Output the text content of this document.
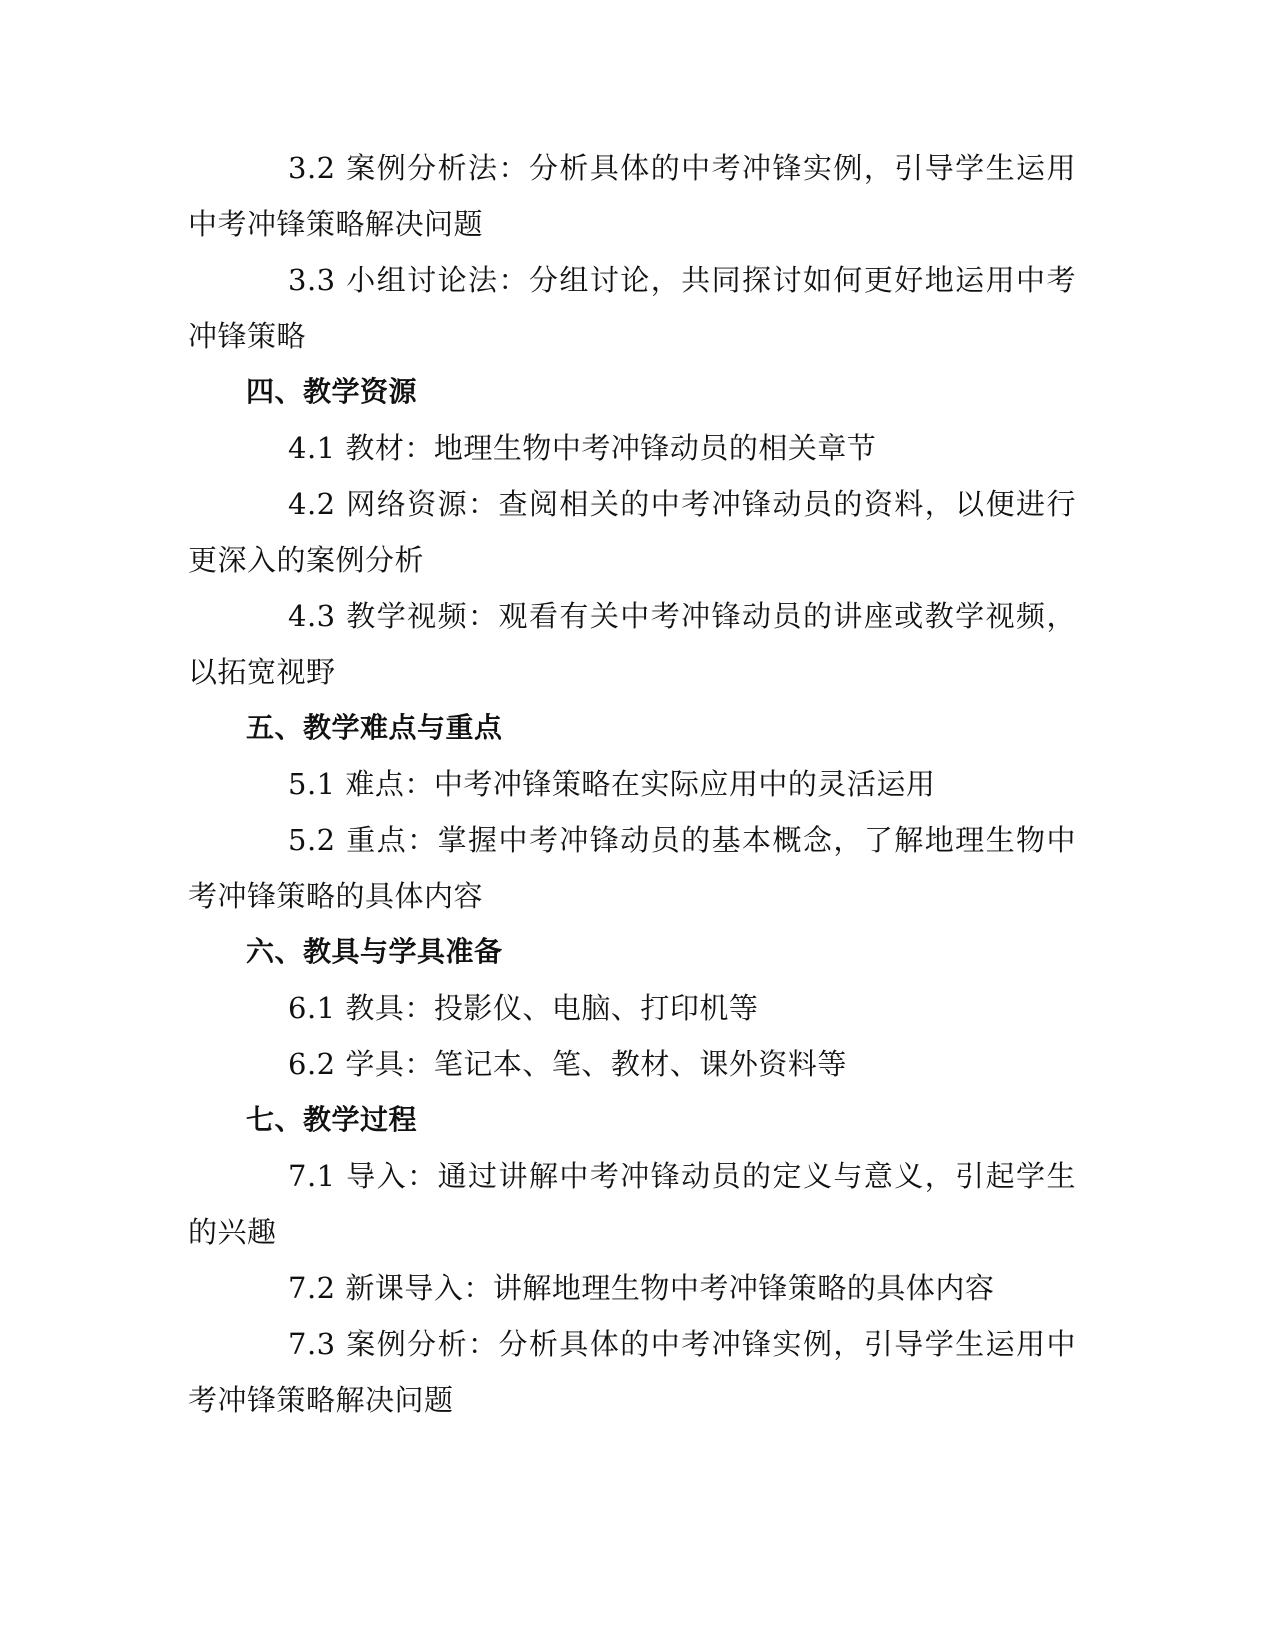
3.2 案例分析法：分析具体的中考冲锋实例，引导学生运用中考冲锋策略解决问题

3.3 小组讨论法：分组讨论，共同探讨如何更好地运用中考冲锋策略

四、教学资源

4.1 教材：地理生物中考冲锋动员的相关章节

4.2 网络资源：查阅相关的中考冲锋动员的资料，以便进行更深入的案例分析

4.3 教学视频：观看有关中考冲锋动员的讲座或教学视频，以拓宽视野

五、教学难点与重点

5.1 难点：中考冲锋策略在实际应用中的灵活运用

5.2 重点：掌握中考冲锋动员的基本概念，了解地理生物中考冲锋策略的具体内容

六、教具与学具准备

6.1 教具：投影仪、电脑、打印机等

6.2 学具：笔记本、笔、教材、课外资料等

七、教学过程

7.1 导入：通过讲解中考冲锋动员的定义与意义，引起学生的兴趣

7.2 新课导入：讲解地理生物中考冲锋策略的具体内容

7.3 案例分析：分析具体的中考冲锋实例，引导学生运用中考冲锋策略解决问题
